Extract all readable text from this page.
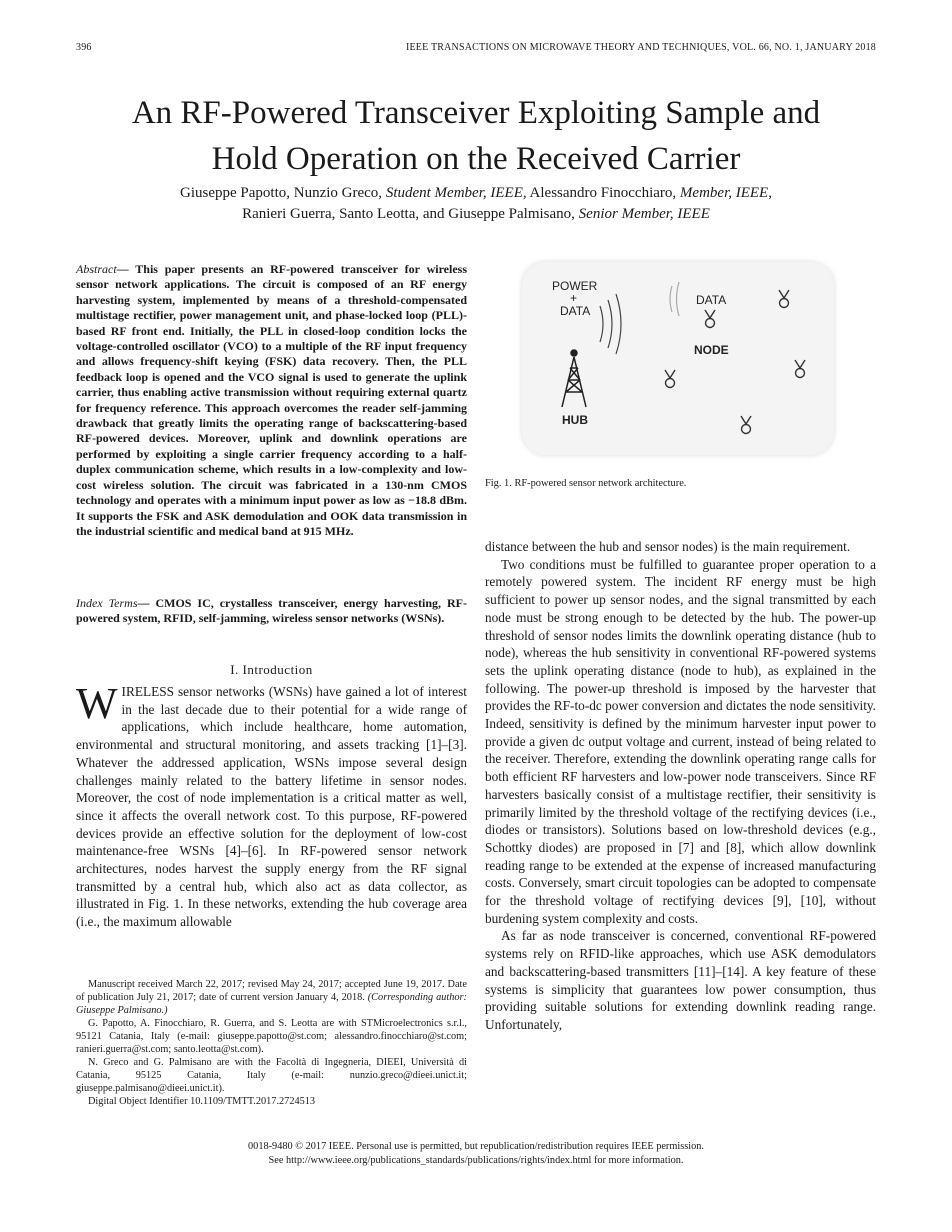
396	IEEE TRANSACTIONS ON MICROWAVE THEORY AND TECHNIQUES, VOL. 66, NO. 1, JANUARY 2018
An RF-Powered Transceiver Exploiting Sample and
Hold Operation on the Received Carrier
Giuseppe Papotto, Nunzio Greco, Student Member, IEEE, Alessandro Finocchiaro, Member, IEEE,
Ranieri Guerra, Santo Leotta, and Giuseppe Palmisano, Senior Member, IEEE
Abstract— This paper presents an RF-powered transceiver for wireless sensor network applications. The circuit is composed of an RF energy harvesting system, implemented by means of a threshold-compensated multistage rectifier, power management unit, and phase-locked loop (PLL)-based RF front end. Initially, the PLL in closed-loop condition locks the voltage-controlled oscillator (VCO) to a multiple of the RF input frequency and allows frequency-shift keying (FSK) data recovery. Then, the PLL feedback loop is opened and the VCO signal is used to generate the uplink carrier, thus enabling active transmission without requiring external quartz for frequency reference. This approach overcomes the reader self-jamming drawback that greatly limits the operating range of backscattering-based RF-powered devices. Moreover, uplink and downlink operations are performed by exploiting a single carrier frequency according to a half-duplex communication scheme, which results in a low-complexity and low-cost wireless solution. The circuit was fabricated in a 130-nm CMOS technology and operates with a minimum input power as low as −18.8 dBm. It supports the FSK and ASK demodulation and OOK data transmission in the industrial scientific and medical band at 915 MHz.
Index Terms— CMOS IC, crystalless transceiver, energy harvesting, RF-powered system, RFID, self-jamming, wireless sensor networks (WSNs).
I. Introduction
WIRELESS sensor networks (WSNs) have gained a lot of interest in the last decade due to their potential for a wide range of applications, which include healthcare, home automation, environmental and structural monitoring, and assets tracking [1]–[3]. Whatever the addressed application, WSNs impose several design challenges mainly related to the battery lifetime in sensor nodes. Moreover, the cost of node implementation is a critical matter as well, since it affects the overall network cost. To this purpose, RF-powered devices provide an effective solution for the deployment of low-cost maintenance-free WSNs [4]–[6]. In RF-powered sensor network architectures, nodes harvest the supply energy from the RF signal transmitted by a central hub, which also act as data collector, as illustrated in Fig. 1. In these networks, extending the hub coverage area (i.e., the maximum allowable

Manuscript received March 22, 2017; revised May 24, 2017; accepted June 19, 2017. Date of publication July 21, 2017; date of current version January 4, 2018. (Corresponding author: Giuseppe Palmisano.)

G. Papotto, A. Finocchiaro, R. Guerra, and S. Leotta are with STMicroelectronics s.r.l., 95121 Catania, Italy (e-mail: giuseppe.papotto@st.com; alessandro.finocchiaro@st.com; ranieri.guerra@st.com; santo.leotta@st.com).

N. Greco and G. Palmisano are with the Facoltà di Ingegneria, DIEEI, Università di Catania, 95125 Catania, Italy (e-mail: nunzio.greco@dieei.unict.it; giuseppe.palmisano@dieei.unict.it).

Digital Object Identifier 10.1109/TMTT.2017.2724513

POWER
+
DATA
HUB
DATA
NODE
Fig. 1. RF-powered sensor network architecture.

distance between the hub and sensor nodes) is the main requirement.

Two conditions must be fulfilled to guarantee proper operation to a remotely powered system. The incident RF energy must be high sufficient to power up sensor nodes, and the signal transmitted by each node must be strong enough to be detected by the hub. The power-up threshold of sensor nodes limits the downlink operating distance (hub to node), whereas the hub sensitivity in conventional RF-powered systems sets the uplink operating distance (node to hub), as explained in the following. The power-up threshold is imposed by the harvester that provides the RF-to-dc power conversion and dictates the node sensitivity. Indeed, sensitivity is defined by the minimum harvester input power to provide a given dc output voltage and current, instead of being related to the receiver. Therefore, extending the downlink operating range calls for both efficient RF harvesters and low-power node transceivers. Since RF harvesters basically consist of a multistage rectifier, their sensitivity is primarily limited by the threshold voltage of the rectifying devices (i.e., diodes or transistors). Solutions based on low-threshold devices (e.g., Schottky diodes) are proposed in [7] and [8], which allow downlink reading range to be extended at the expense of increased manufacturing costs. Conversely, smart circuit topologies can be adopted to compensate for the threshold voltage of rectifying devices [9], [10], without burdening system complexity and costs.

As far as node transceiver is concerned, conventional RF-powered systems rely on RFID-like approaches, which use ASK demodulators and backscattering-based transmitters [11]–[14]. A key feature of these systems is simplicity that guarantees low power consumption, thus providing suitable solutions for extending downlink reading range. Unfortunately,

0018-9480 © 2017 IEEE. Personal use is permitted, but republication/redistribution requires IEEE permission.
See http://www.ieee.org/publications_standards/publications/rights/index.html for more information.
